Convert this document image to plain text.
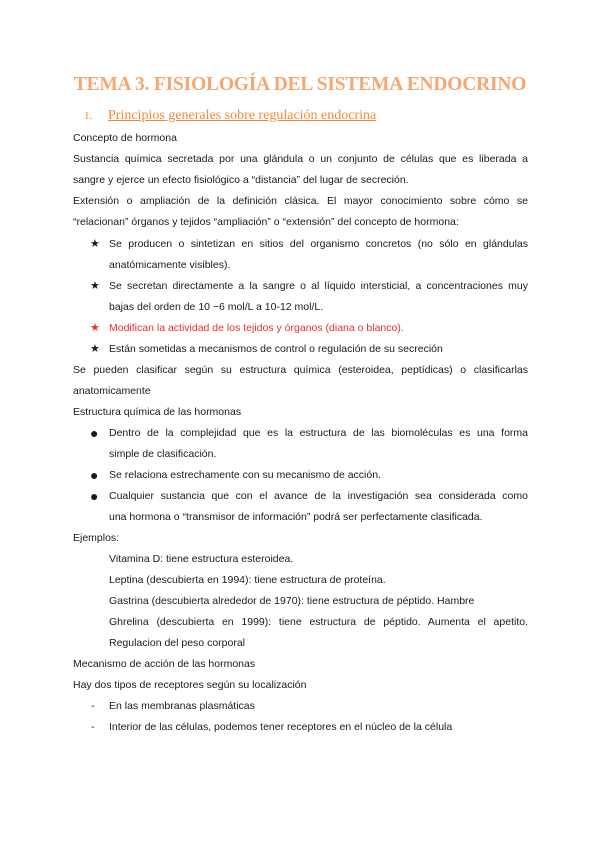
TEMA 3. FISIOLOGÍA DEL SISTEMA ENDOCRINO
1. Principios generales sobre regulación endocrina
Concepto de hormona
Sustancia química secretada por una glándula o un conjunto de células que es liberada a
sangre y ejerce un efecto fisiológico a “distancia” del lugar de secreción.
Extensión o ampliación de la definición clásica. El mayor conocimiento sobre cómo se
“relacionan” órganos y tejidos “ampliación” o “extensión” del concepto de hormona:
★ Se producen o sintetizan en sitios del organismo concretos (no sólo en glándulas
anatómicamente visibles).
★ Se secretan directamente a la sangre o al líquido intersticial, a concentraciones muy
bajas del orden de 10 −6 mol/L a 10-12 mol/L.
★ Modifican la actividad de los tejidos y órganos (diana o blanco).
★ Están sometidas a mecanismos de control o regulación de su secreción
Se pueden clasificar según su estructura química (esteroidea, peptídicas) o clasificarlas
anatomicamente
Estructura química de las hormonas
● Dentro de la complejidad que es la estructura de las biomoléculas es una forma
simple de clasificación.
● Se relaciona estrechamente con su mecanismo de acción.
● Cualquier sustancia que con el avance de la investigación sea considerada como
una hormona o “transmisor de información” podrá ser perfectamente clasificada.
Ejemplos:
Vitamina D: tiene estructura esteroidea.
Leptina (descubierta en 1994): tiene estructura de proteína.
Gastrina (descubierta alrededor de 1970): tiene estructura de péptido. Hambre
Ghrelina (descubierta en 1999): tiene estructura de péptido. Aumenta el apetito.
Regulacion del peso corporal
Mecanismo de acción de las hormonas
Hay dos tipos de receptores según su localización
- En las membranas plasmáticas
- Interior de las células, podemos tener receptores en el núcleo de la célula
